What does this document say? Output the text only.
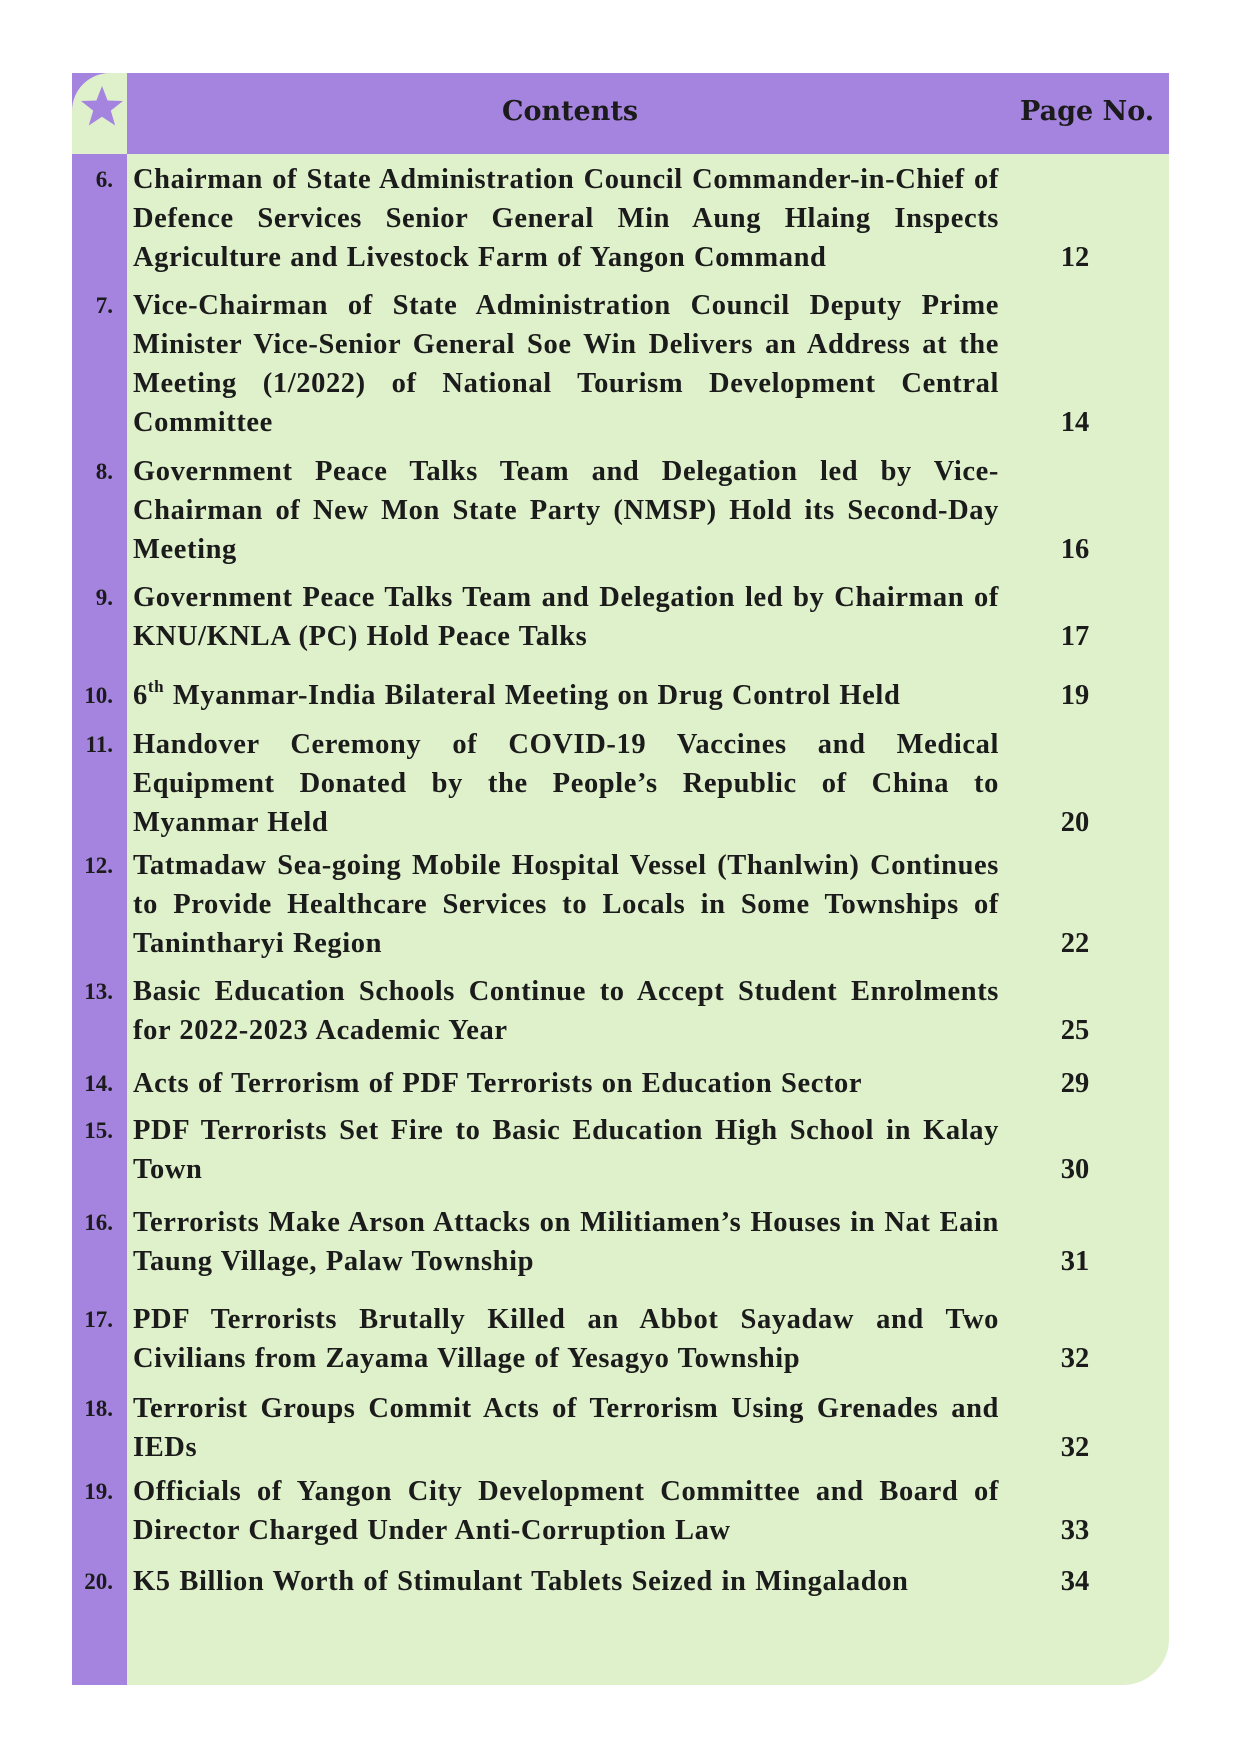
Contents	Page No.
6. Chairman of State Administration Council Commander-in-Chief of Defence Services Senior General Min Aung Hlaing Inspects Agriculture and Livestock Farm of Yangon Command	12
7. Vice-Chairman of State Administration Council Deputy Prime Minister Vice-Senior General Soe Win Delivers an Address at the Meeting (1/2022) of National Tourism Development Central Committee	14
8. Government Peace Talks Team and Delegation led by Vice-Chairman of New Mon State Party (NMSP) Hold its Second-Day Meeting	16
9. Government Peace Talks Team and Delegation led by Chairman of KNU/KNLA (PC) Hold Peace Talks	17
10. 6th Myanmar-India Bilateral Meeting on Drug Control Held	19
11. Handover Ceremony of COVID-19 Vaccines and Medical Equipment Donated by the People’s Republic of China to Myanmar Held	20
12. Tatmadaw Sea-going Mobile Hospital Vessel (Thanlwin) Continues to Provide Healthcare Services to Locals in Some Townships of Tanintharyi Region	22
13. Basic Education Schools Continue to Accept Student Enrolments for 2022-2023 Academic Year	25
14. Acts of Terrorism of PDF Terrorists on Education Sector	29
15. PDF Terrorists Set Fire to Basic Education High School in Kalay Town	30
16. Terrorists Make Arson Attacks on Militiamen’s Houses in Nat Eain Taung Village, Palaw Township	31
17. PDF Terrorists Brutally Killed an Abbot Sayadaw and Two Civilians from Zayama Village of Yesagyo Township	32
18. Terrorist Groups Commit Acts of Terrorism Using Grenades and IEDs	32
19. Officials of Yangon City Development Committee and Board of Director Charged Under Anti-Corruption Law	33
20. K5 Billion Worth of Stimulant Tablets Seized in Mingaladon	34
